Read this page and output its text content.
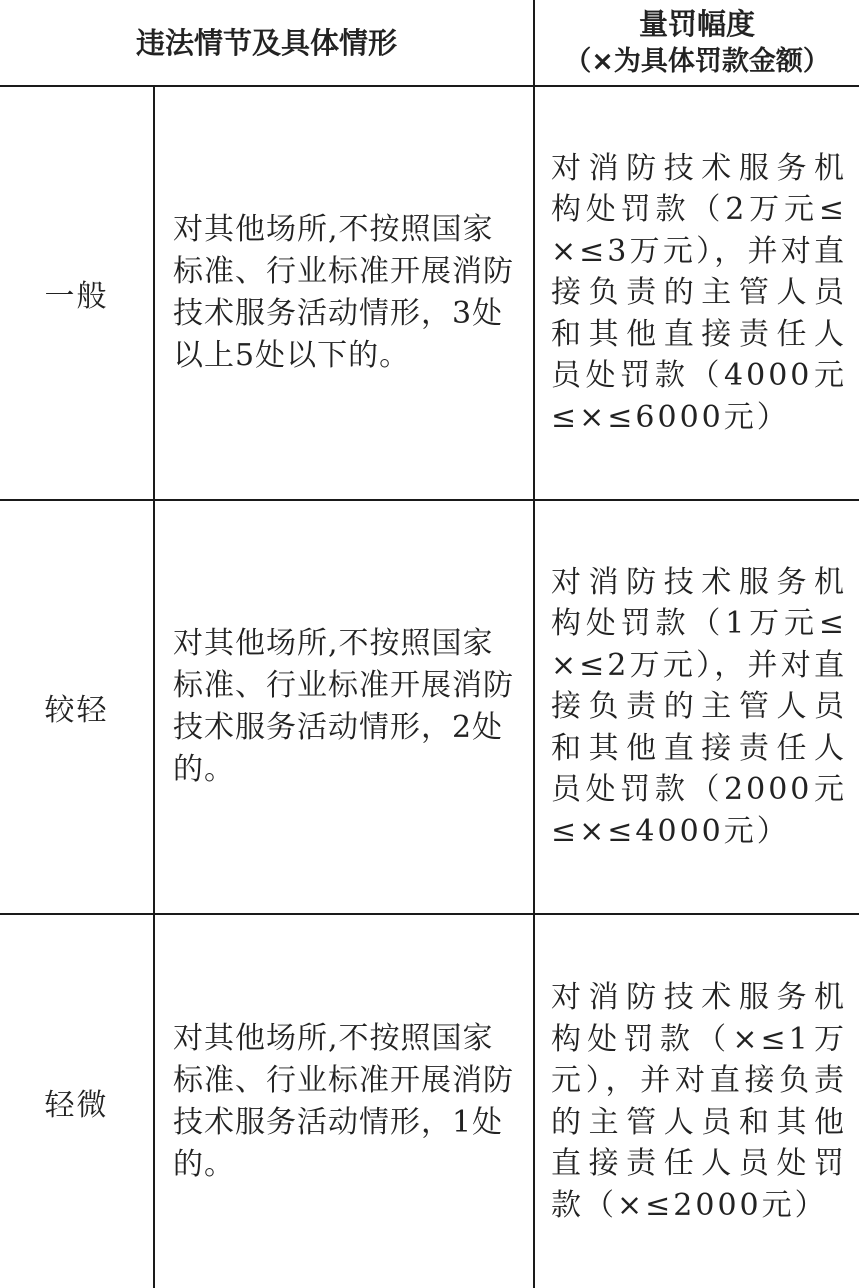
违法情节及具体情形		量罚幅度
（×为具体罚款金额）

一般	对其他场所,不按照国家标准、行业标准开展消防技术服务活动情形，3处以上5处以下的。	对消防技术服务机构处罚款（2万元≤×≤3万元），并对直接负责的主管人员和其他直接责任人员处罚款（4000元≤×≤6000元）
较轻	对其他场所,不按照国家标准、行业标准开展消防技术服务活动情形，2处的。	对消防技术服务机构处罚款（1万元≤×≤2万元），并对直接负责的主管人员和其他直接责任人员处罚款（2000元≤×≤4000元）
轻微	对其他场所,不按照国家标准、行业标准开展消防技术服务活动情形，1处的。	对消防技术服务机构处罚款（×≤1万元），并对直接负责的主管人员和其他直接责任人员处罚款（×≤2000元）
